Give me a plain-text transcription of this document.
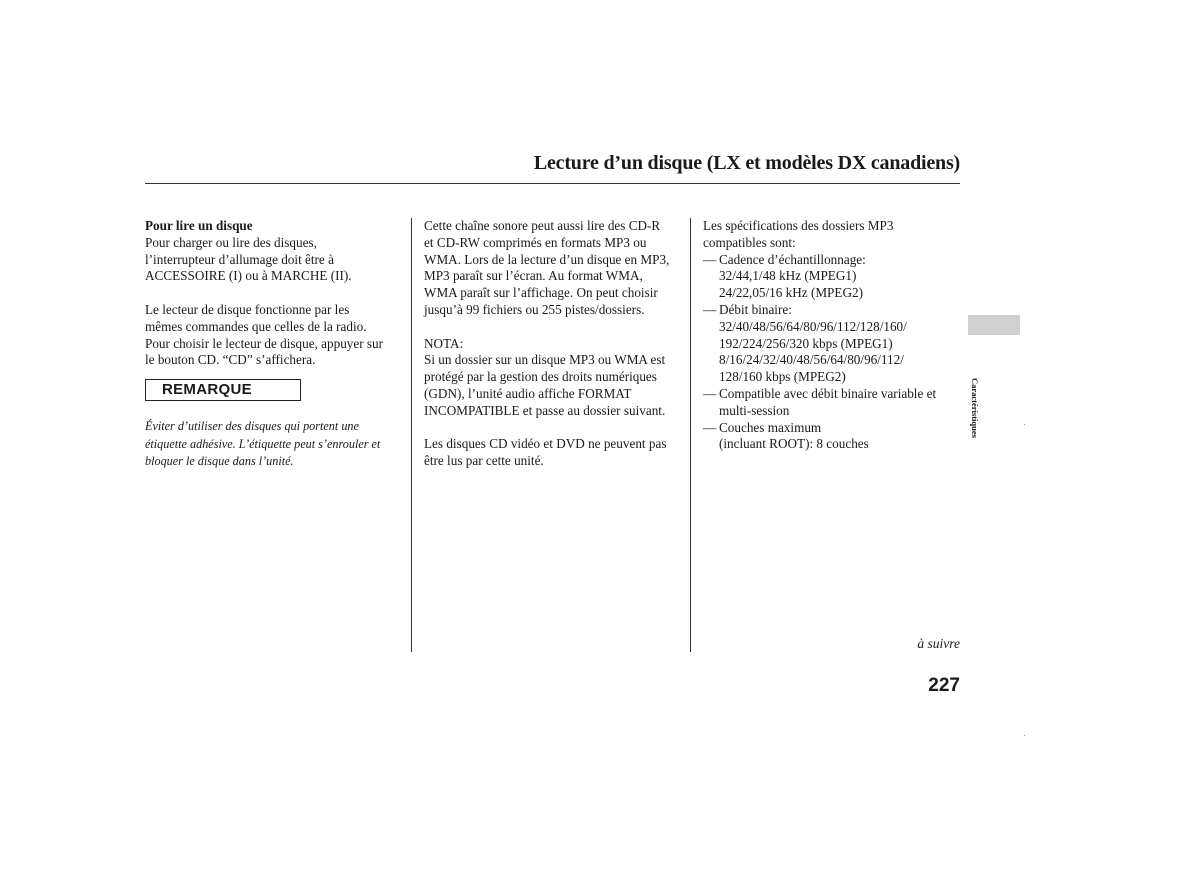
Lecture d’un disque (LX et modèles DX canadiens)

Pour lire un disque

Pour charger ou lire des disques,

l’interrupteur d’allumage doit être à

ACCESSOIRE (I) ou à MARCHE (II).

Le lecteur de disque fonctionne par les

mêmes commandes que celles de la radio.

Pour choisir le lecteur de disque, appuyer sur

le bouton CD. “CD” s’affichera.

REMARQUE

Éviter d’utiliser des disques qui portent une

étiquette adhésive. L’étiquette peut s’enrouler et

bloquer le disque dans l’unité.

Cette chaîne sonore peut aussi lire des CD-R

et CD-RW comprimés en formats MP3 ou

WMA. Lors de la lecture d’un disque en MP3,

MP3 paraît sur l’écran. Au format WMA,

WMA paraît sur l’affichage. On peut choisir

jusqu’à 99 fichiers ou 255 pistes/dossiers.

NOTA:

Si un dossier sur un disque MP3 ou WMA est

protégé par la gestion des droits numériques

(GDN), l’unité audio affiche FORMAT

INCOMPATIBLE et passe au dossier suivant.

Les disques CD vidéo et DVD ne peuvent pas

être lus par cette unité.

Les spécifications des dossiers MP3

compatibles sont:

— Cadence d’échantillonnage:

32/44,1/48 kHz (MPEG1)

24/22,05/16 kHz (MPEG2)

— Débit binaire:

32/40/48/56/64/80/96/112/128/160/

192/224/256/320 kbps (MPEG1)

8/16/24/32/40/48/56/64/80/96/112/

128/160 kbps (MPEG2)

— Compatible avec débit binaire variable et

multi-session

— Couches maximum

(incluant ROOT): 8 couches

Caractéristiques
à suivre
227
